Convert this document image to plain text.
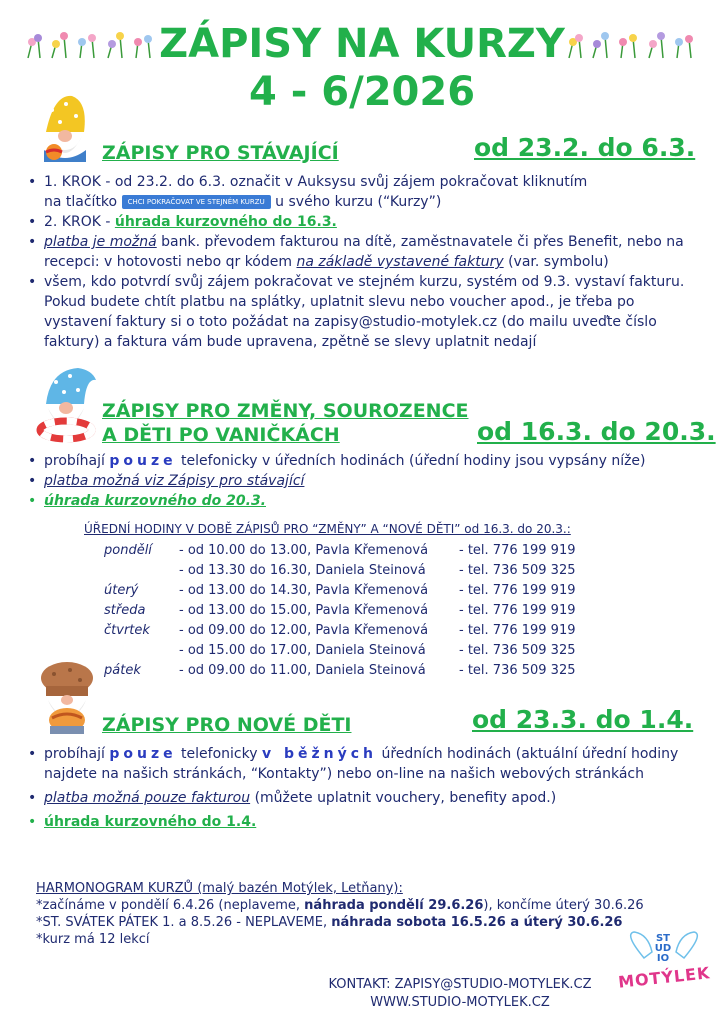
ZÁPISY NA KURZY
4 - 6/2026
ZÁPISY PRO STÁVAJÍCÍ	od 23.2. do 6.3.
• 1. KROK - od 23.2. do 6.3. označit v Auksysu svůj zájem pokračovat kliknutím
na tlačítko CHCI POKRAČOVAT VE STEJNÉM KURZU u svého kurzu (“Kurzy”)
• 2. KROK - úhrada kurzovného do 16.3.
• platba je možná bank. převodem fakturou na dítě, zaměstnavatele či přes Benefit, nebo na recepci: v hotovosti nebo qr kódem na základě vystavené faktury (var. symbolu)
• všem, kdo potvrdí svůj zájem pokračovat ve stejném kurzu, systém od 9.3. vystaví fakturu. Pokud budete chtít platbu na splátky, uplatnit slevu nebo voucher apod., je třeba po vystavení faktury si o toto požádat na zapisy@studio-motylek.cz (do mailu uveďte číslo faktury) a faktura vám bude upravena, zpětně se slevy uplatnit nedají
ZÁPISY PRO ZMĚNY, SOUROZENCE
A DĚTI PO VANIČKÁCH	od 16.3. do 20.3.
• probíhají pouze telefonicky v úředních hodinách (úřední hodiny jsou vypsány níže)
• platba možná viz Zápisy pro stávající
• úhrada kurzovného do 20.3.
ÚŘEDNÍ HODINY V DOBĚ ZÁPISŮ PRO “ZMĚNY” A “NOVÉ DĚTI” od 16.3. do 20.3.:
pondělí - od 10.00 do 13.00, Pavla Křemenová - tel. 776 199 919
- od 13.30 do 16.30, Daniela Steinová	- tel. 736 509 325
úterý	- od 13.00 do 14.30, Pavla Křemenová - tel. 776 199 919
středa	- od 13.00 do 15.00, Pavla Křemenová - tel. 776 199 919
čtvrtek - od 09.00 do 12.00, Pavla Křemenová - tel. 776 199 919
- od 15.00 do 17.00, Daniela Steinová	- tel. 736 509 325
pátek	- od 09.00 do 11.00, Daniela Steinová	- tel. 736 509 325
ZÁPISY PRO NOVÉ DĚTI	od 23.3. do 1.4.
• probíhají pouze telefonicky v běžných úředních hodinách (aktuální úřední hodiny najdete na našich stránkách, “Kontakty”) nebo on-line na našich webových stránkách
• platba možná pouze fakturou (můžete uplatnit vouchery, benefity apod.)
• úhrada kurzovného do 1.4.
HARMONOGRAM KURZŮ (malý bazén Motýlek, Letňany):
*začínáme v pondělí 6.4.26 (neplaveme, náhrada pondělí 29.6.26), končíme úterý 30.6.26
*ST. SVÁTEK PÁTEK 1. a 8.5.26 - NEPLAVEME, náhrada sobota 16.5.26 a úterý 30.6.26
*kurz má 12 lekcí
KONTAKT: ZAPISY@STUDIO-MOTYLEK.CZ
WWW.STUDIO-MOTYLEK.CZ
ST
UD
IO
MOTÝLEK
